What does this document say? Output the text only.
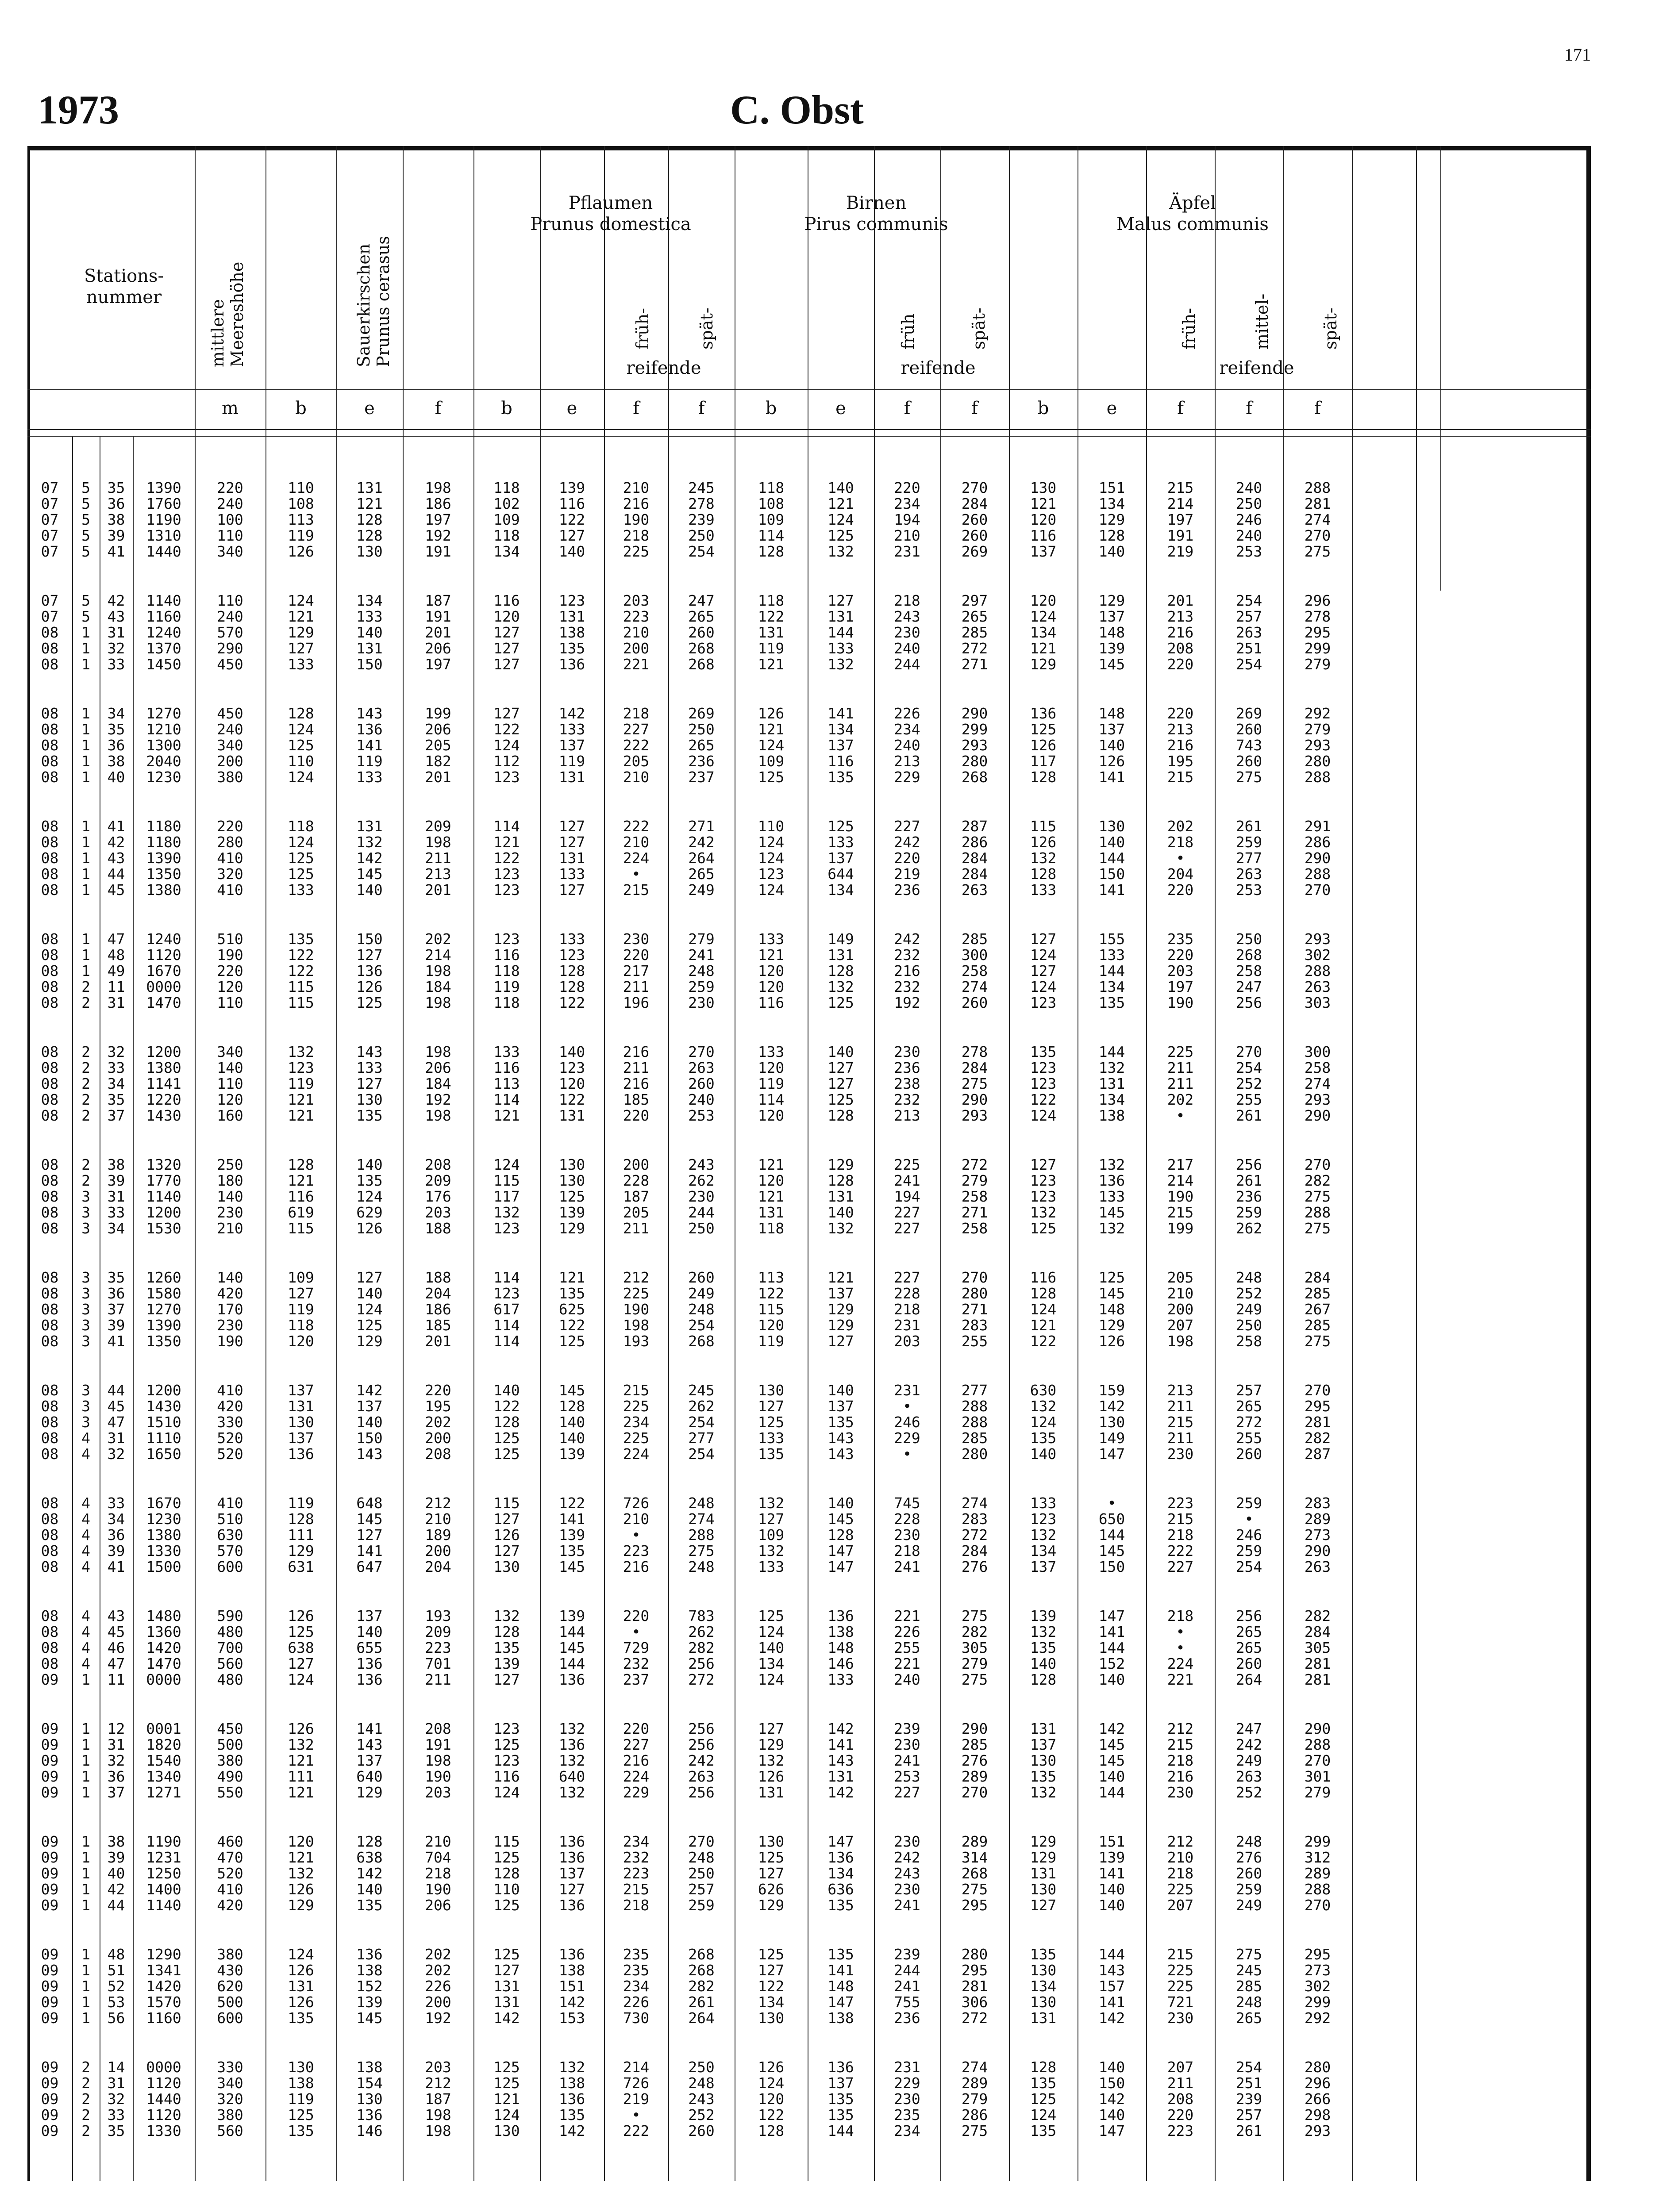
171
1973	C. Obst
Stations-
nummer
mittlere
Meereshöhe	Sauerkirschen
Prunus cerasus
Pflaumen
Prunus domestica
Birnen
Pirus communis
Äpfel
Malus communis
früh-	spät-	früh	spät-	früh-	mittel-	spät-
reifende	reifende	reifende
m	b	e	f	b	e	f	f	b	e	f	f	b	e	f	f	f
07	5	35	1390	220	110	131	198	118	139	210	245	118	140	220	270	130	151	215	240	288
07	5	36	1760	240	108	121	186	102	116	216	278	108	121	234	284	121	134	214	250	281
07	5	38	1190	100	113	128	197	109	122	190	239	109	124	194	260	120	129	197	246	274
07	5	39	1310	110	119	128	192	118	127	218	250	114	125	210	260	116	128	191	240	270
07	5	41	1440	340	126	130	191	134	140	225	254	128	132	231	269	137	140	219	253	275
07	5	42	1140	110	124	134	187	116	123	203	247	118	127	218	297	120	129	201	254	296
07	5	43	1160	240	121	133	191	120	131	223	265	122	131	243	265	124	137	213	257	278
08	1	31	1240	570	129	140	201	127	138	210	260	131	144	230	285	134	148	216	263	295
08	1	32	1370	290	127	131	206	127	135	200	268	119	133	240	272	121	139	208	251	299
08	1	33	1450	450	133	150	197	127	136	221	268	121	132	244	271	129	145	220	254	279
08	1	34	1270	450	128	143	199	127	142	218	269	126	141	226	290	136	148	220	269	292
08	1	35	1210	240	124	136	206	122	133	227	250	121	134	234	299	125	137	213	260	279
08	1	36	1300	340	125	141	205	124	137	222	265	124	137	240	293	126	140	216	743	293
08	1	38	2040	200	110	119	182	112	119	205	236	109	116	213	280	117	126	195	260	280
08	1	40	1230	380	124	133	201	123	131	210	237	125	135	229	268	128	141	215	275	288
08	1	41	1180	220	118	131	209	114	127	222	271	110	125	227	287	115	130	202	261	291
08	1	42	1180	280	124	132	198	121	127	210	242	124	133	242	286	126	140	218	259	286
08	1	43	1390	410	125	142	211	122	131	224	264	124	137	220	284	132	144	•	277	290
08	1	44	1350	320	125	145	213	123	133	•	265	123	644	219	284	128	150	204	263	288
08	1	45	1380	410	133	140	201	123	127	215	249	124	134	236	263	133	141	220	253	270
08	1	47	1240	510	135	150	202	123	133	230	279	133	149	242	285	127	155	235	250	293
08	1	48	1120	190	122	127	214	116	123	220	241	121	131	232	300	124	133	220	268	302
08	1	49	1670	220	122	136	198	118	128	217	248	120	128	216	258	127	144	203	258	288
08	2	11	0000	120	115	126	184	119	128	211	259	120	132	232	274	124	134	197	247	263
08	2	31	1470	110	115	125	198	118	122	196	230	116	125	192	260	123	135	190	256	303
08	2	32	1200	340	132	143	198	133	140	216	270	133	140	230	278	135	144	225	270	300
08	2	33	1380	140	123	133	206	116	123	211	263	120	127	236	284	123	132	211	254	258
08	2	34	1141	110	119	127	184	113	120	216	260	119	127	238	275	123	131	211	252	274
08	2	35	1220	120	121	130	192	114	122	185	240	114	125	232	290	122	134	202	255	293
08	2	37	1430	160	121	135	198	121	131	220	253	120	128	213	293	124	138	•	261	290
08	2	38	1320	250	128	140	208	124	130	200	243	121	129	225	272	127	132	217	256	270
08	2	39	1770	180	121	135	209	115	130	228	262	120	128	241	279	123	136	214	261	282
08	3	31	1140	140	116	124	176	117	125	187	230	121	131	194	258	123	133	190	236	275
08	3	33	1200	230	619	629	203	132	139	205	244	131	140	227	271	132	145	215	259	288
08	3	34	1530	210	115	126	188	123	129	211	250	118	132	227	258	125	132	199	262	275
08	3	35	1260	140	109	127	188	114	121	212	260	113	121	227	270	116	125	205	248	284
08	3	36	1580	420	127	140	204	123	135	225	249	122	137	228	280	128	145	210	252	285
08	3	37	1270	170	119	124	186	617	625	190	248	115	129	218	271	124	148	200	249	267
08	3	39	1390	230	118	125	185	114	122	198	254	120	129	231	283	121	129	207	250	285
08	3	41	1350	190	120	129	201	114	125	193	268	119	127	203	255	122	126	198	258	275
08	3	44	1200	410	137	142	220	140	145	215	245	130	140	231	277	630	159	213	257	270
08	3	45	1430	420	131	137	195	122	128	225	262	127	137	•	288	132	142	211	265	295
08	3	47	1510	330	130	140	202	128	140	234	254	125	135	246	288	124	130	215	272	281
08	4	31	1110	520	137	150	200	125	140	225	277	133	143	229	285	135	149	211	255	282
08	4	32	1650	520	136	143	208	125	139	224	254	135	143	•	280	140	147	230	260	287
08	4	33	1670	410	119	648	212	115	122	726	248	132	140	745	274	133	•	223	259	283
08	4	34	1230	510	128	145	210	127	141	210	274	127	145	228	283	123	650	215	•	289
08	4	36	1380	630	111	127	189	126	139	•	288	109	128	230	272	132	144	218	246	273
08	4	39	1330	570	129	141	200	127	135	223	275	132	147	218	284	134	145	222	259	290
08	4	41	1500	600	631	647	204	130	145	216	248	133	147	241	276	137	150	227	254	263
08	4	43	1480	590	126	137	193	132	139	220	783	125	136	221	275	139	147	218	256	282
08	4	45	1360	480	125	140	209	128	144	•	262	124	138	226	282	132	141	•	265	284
08	4	46	1420	700	638	655	223	135	145	729	282	140	148	255	305	135	144	•	265	305
08	4	47	1470	560	127	136	701	139	144	232	256	134	146	221	279	140	152	224	260	281
09	1	11	0000	480	124	136	211	127	136	237	272	124	133	240	275	128	140	221	264	281
09	1	12	0001	450	126	141	208	123	132	220	256	127	142	239	290	131	142	212	247	290
09	1	31	1820	500	132	143	191	125	136	227	256	129	141	230	285	137	145	215	242	288
09	1	32	1540	380	121	137	198	123	132	216	242	132	143	241	276	130	145	218	249	270
09	1	36	1340	490	111	640	190	116	640	224	263	126	131	253	289	135	140	216	263	301
09	1	37	1271	550	121	129	203	124	132	229	256	131	142	227	270	132	144	230	252	279
09	1	38	1190	460	120	128	210	115	136	234	270	130	147	230	289	129	151	212	248	299
09	1	39	1231	470	121	638	704	125	136	232	248	125	136	242	314	129	139	210	276	312
09	1	40	1250	520	132	142	218	128	137	223	250	127	134	243	268	131	141	218	260	289
09	1	42	1400	410	126	140	190	110	127	215	257	626	636	230	275	130	140	225	259	288
09	1	44	1140	420	129	135	206	125	136	218	259	129	135	241	295	127	140	207	249	270
09	1	48	1290	380	124	136	202	125	136	235	268	125	135	239	280	135	144	215	275	295
09	1	51	1341	430	126	138	202	127	138	235	268	127	141	244	295	130	143	225	245	273
09	1	52	1420	620	131	152	226	131	151	234	282	122	148	241	281	134	157	225	285	302
09	1	53	1570	500	126	139	200	131	142	226	261	134	147	755	306	130	141	721	248	299
09	1	56	1160	600	135	145	192	142	153	730	264	130	138	236	272	131	142	230	265	292
09	2	14	0000	330	130	138	203	125	132	214	250	126	136	231	274	128	140	207	254	280
09	2	31	1120	340	138	154	212	125	138	726	248	124	137	229	289	135	150	211	251	296
09	2	32	1440	320	119	130	187	121	136	219	243	120	135	230	279	125	142	208	239	266
09	2	33	1120	380	125	136	198	124	135	•	252	122	135	235	286	124	140	220	257	298
09	2	35	1330	560	135	146	198	130	142	222	260	128	144	234	275	135	147	223	261	293
